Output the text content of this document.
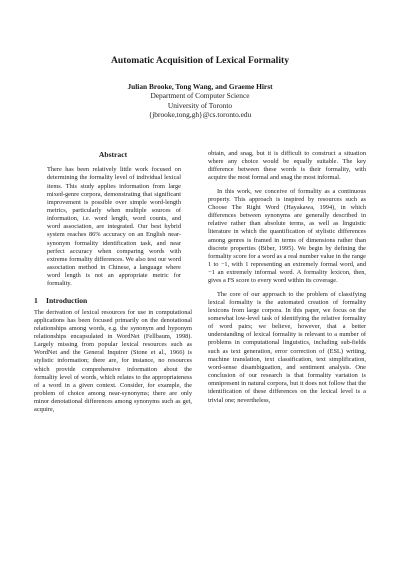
Automatic Acquisition of Lexical Formality
Julian Brooke, Tong Wang, and Graeme Hirst
Department of Computer Science
University of Toronto
{jbrooke,tong,gh}@cs.toronto.edu
Abstract

There has been relatively little work focused on determining the formality level of individual lexical items. This study applies information from large mixed-genre corpora, demonstrating that significant improvement is possible over simple word-length metrics, particularly when multiple sources of information, i.e. word length, word counts, and word association, are integrated. Our best hybrid system reaches 86% accuracy on an English near-synonym formality identification task, and near perfect accuracy when comparing words with extreme formality differences. We also test our word association method in Chinese, a language where word length is not an appropriate metric for formality.

1 Introduction

The derivation of lexical resources for use in computational applications has been focused primarily on the denotational relationships among words, e.g. the synonym and hyponym relationships encapsulated in WordNet (Fellbaum, 1998). Largely missing from popular lexical resources such as WordNet and the General Inquirer (Stone et al., 1966) is stylistic information; there are, for instance, no resources which provide comprehensive information about the formality level of words, which relates to the appropriateness of a word in a given context. Consider, for example, the problem of choice among near-synonyms; there are only minor denotational differences among synonyms such as get, acquire,

obtain, and snag, but it is difficult to construct a situation where any choice would be equally suitable. The key difference between these words is their formality, with acquire the most formal and snag the most informal.

In this work, we conceive of formality as a continuous property. This approach is inspired by resources such as Choose The Right Word (Hayakawa, 1994), in which differences between synonyms are generally described in relative rather than absolute terms, as well as linguistic literature in which the quantification of stylistic differences among genres is framed in terms of dimensions rather than discrete properties (Biber, 1995). We begin by defining the formality score for a word as a real number value in the range 1 to −1, with 1 representing an extremely formal word, and −1 an extremely informal word. A formality lexicon, then, gives a FS score to every word within its coverage.

The core of our approach to the problem of classifying lexical formality is the automated creation of formality lexicons from large corpora. In this paper, we focus on the somewhat low-level task of identifying the relative formality of word pairs; we believe, however, that a better understanding of lexical formality is relevant to a number of problems in computational linguistics, including sub-fields such as text generation, error correction of (ESL) writing, machine translation, text classification, text simplification, word-sense disambiguation, and sentiment analysis. One conclusion of our research is that formality variation is omnipresent in natural corpora, but it does not follow that the identification of these differences on the lexical level is a trivial one; nevertheless,
